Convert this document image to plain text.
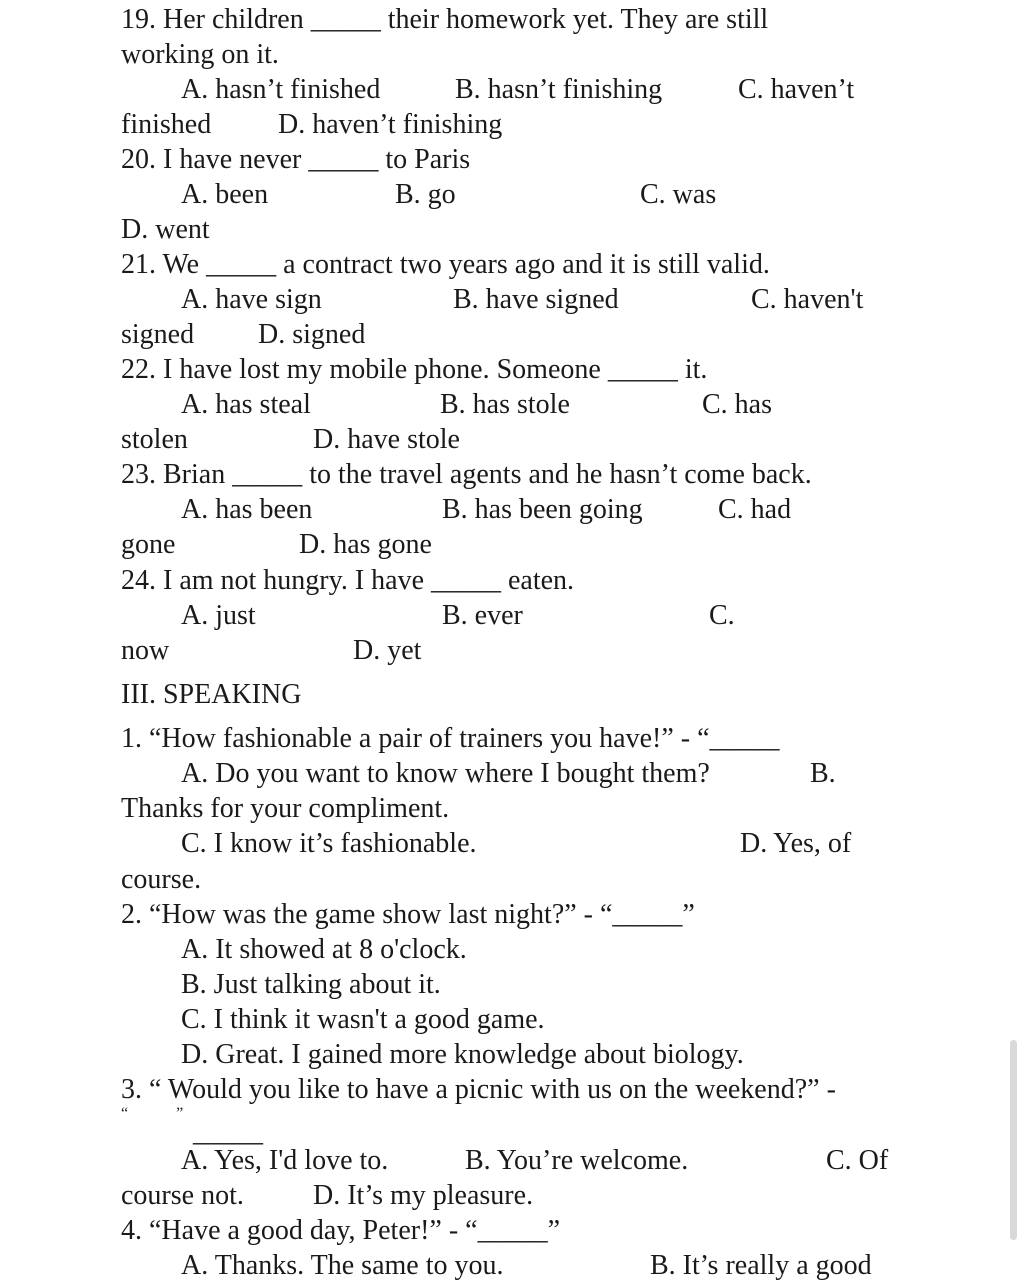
19. Her children _____ their homework yet. They are still
working on it.
A. hasn’t finished	B. hasn’t finishing	C. haven’t
finished D. haven’t finishing
20. I have never _____ to Paris
A. been	B. go	C. was
D. went
21. We _____ a contract two years ago and it is still valid.
A. have sign	B. have signed	C. haven't
signed D. signed
22. I have lost my mobile phone. Someone _____ it.
A. has steal	B. has stole	C. has
stolen	D. have stole
23. Brian _____ to the travel agents and he hasn’t come back.
A. has been	B. has been going	C. had
gone	D. has gone
24. I am not hungry. I have _____ eaten.
A. just	B. ever	C.
now	D. yet
III. SPEAKING
1. “How fashionable a pair of trainers you have!” - “_____
A. Do you want to know where I bought them?	B.
Thanks for your compliment.
C. I know it’s fashionable.	D. Yes, of
course.
2. “How was the game show last night?” - “_____”
A. It showed at 8 o'clock.
B. Just talking about it.
C. I think it wasn't a good game.
D. Great. I gained more knowledge about biology.
3. “ Would you like to have a picnic with us on the weekend?” -
“            ”
_____
A. Yes, I'd love to.	B. You’re welcome.	C. Of
course not. D. It’s my pleasure.
4. “Have a good day, Peter!” - “_____”
A. Thanks. The same to you.	B. It’s really a good
